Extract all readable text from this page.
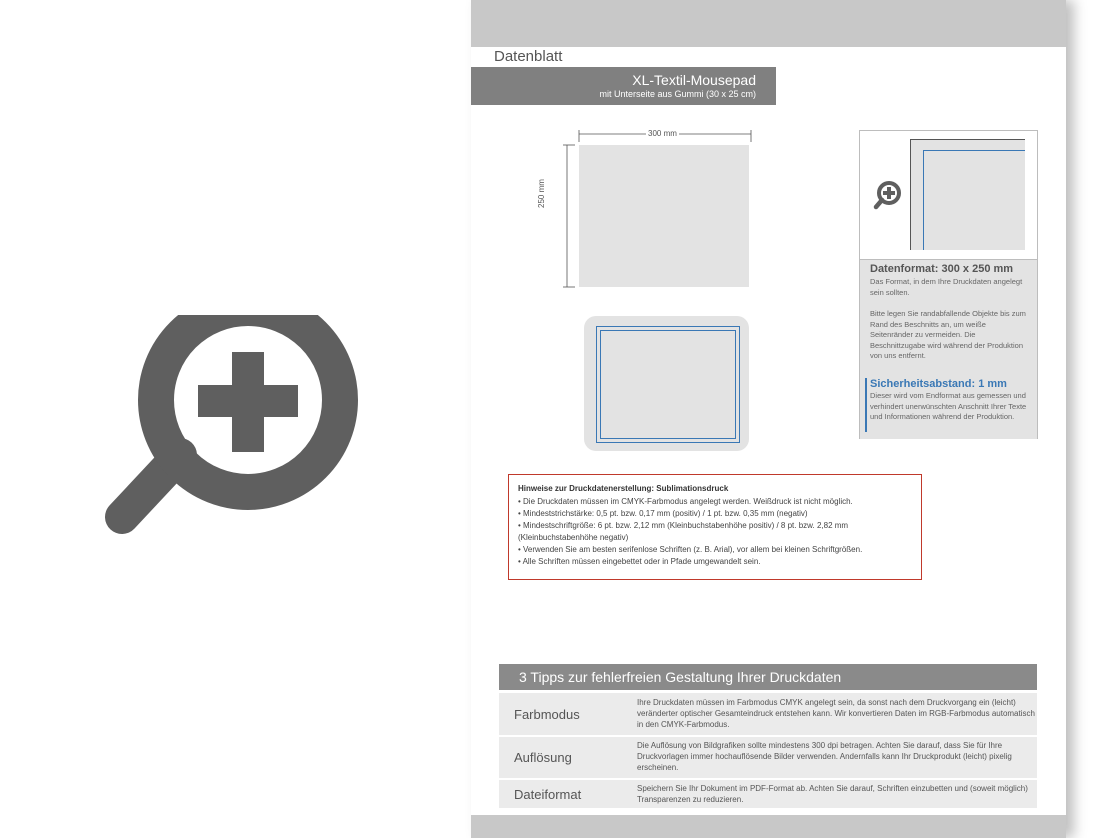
Datenblatt
XL-Textil-Mousepad
mit Unterseite aus Gummi (30 x 25 cm)
300 mm
250 mm
Datenformat: 300 x 250 mm
Das Format, in dem Ihre Druckdaten angelegt sein sollten.
Bitte legen Sie randabfallende Objekte bis zum Rand des Beschnitts an, um weiße Seitenränder zu vermeiden. Die Beschnittzugabe wird während der Produktion von uns entfernt.
Sicherheitsabstand: 1 mm
Dieser wird vom Endformat aus gemessen und verhindert unerwünschten Anschnitt Ihrer Texte und Informationen während der Produktion.
Hinweise zur Druckdatenerstellung: Sublimationsdruck
• Die Druckdaten müssen im CMYK-Farbmodus angelegt werden. Weißdruck ist nicht möglich.
• Mindeststrichstärke: 0,5 pt. bzw. 0,17 mm (positiv) / 1 pt. bzw. 0,35 mm (negativ)
• Mindestschriftgröße: 6 pt. bzw. 2,12 mm (Kleinbuchstabenhöhe positiv) / 8 pt. bzw. 2,82 mm
(Kleinbuchstabenhöhe negativ)
• Verwenden Sie am besten serifenlose Schriften (z. B. Arial), vor allem bei kleinen Schriftgrößen.
• Alle Schriften müssen eingebettet oder in Pfade umgewandelt sein.
3 Tipps zur fehlerfreien Gestaltung Ihrer Druckdaten
Farbmodus
Ihre Druckdaten müssen im Farbmodus CMYK angelegt sein, da sonst nach dem Druckvorgang ein (leicht) veränderter optischer Gesamteindruck entstehen kann. Wir konvertieren Daten im RGB-Farbmodus automatisch in den CMYK-Farbmodus.
Auflösung
Die Auflösung von Bildgrafiken sollte mindestens 300 dpi betragen. Achten Sie darauf, dass Sie für Ihre Druckvorlagen immer hochauflösende Bilder verwenden. Andernfalls kann Ihr Druckprodukt (leicht) pixelig erscheinen.
Dateiformat	Speichern Sie Ihr Dokument im PDF-Format ab. Achten Sie darauf, Schriften einzubetten und (soweit möglich) Transparenzen zu reduzieren.
